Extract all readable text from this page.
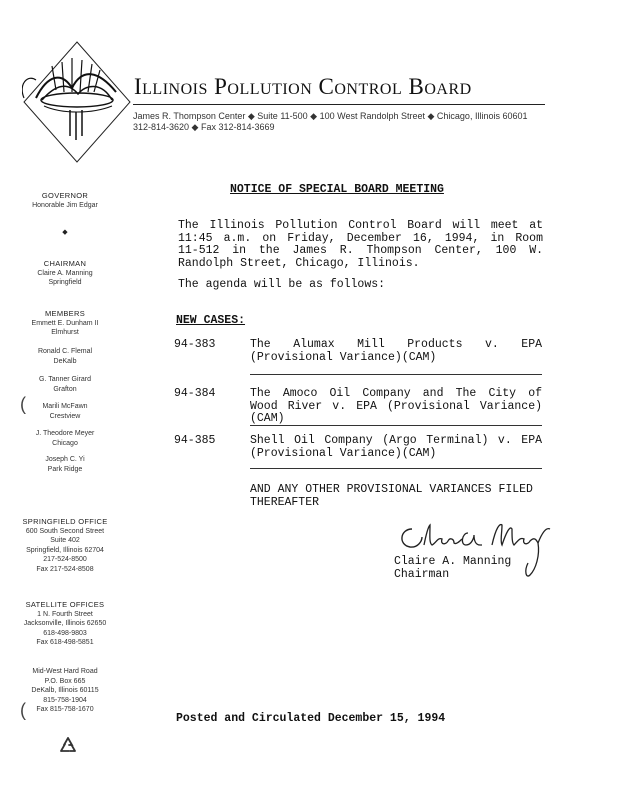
Illinois Pollution Control Board
James R. Thompson Center ◆ Suite 11-500 ◆ 100 West Randolph Street ◆ Chicago, Illinois 60601
312-814-3620 ◆ Fax 312-814-3669
GOVERNOR
Honorable Jim Edgar
◆
CHAIRMAN
Claire A. Manning
Springfield
MEMBERS
Emmett E. Dunham II
Elmhurst
Ronald C. Flemal
DeKalb
G. Tanner Girard
Grafton
(	Marili McFawn
Crestview
J. Theodore Meyer
Chicago
Joseph C. Yi
Park Ridge
SPRINGFIELD OFFICE
600 South Second Street
Suite 402
Springfield, Illinois 62704
217-524-8500
Fax 217-524-8508
SATELLITE OFFICES
1 N. Fourth Street
Jacksonville, Illinois 62650
618-498-9803
Fax 618-498-5851
Mid-West Hard Road
P.O. Box 665
DeKalb, Illinois 60115
815-758-1904
Fax 815-758-1670
(
NOTICE OF SPECIAL BOARD MEETING
The Illinois Pollution Control Board will meet at
11:45 a.m. on Friday, December 16, 1994, in Room
11-512 in the James R. Thompson Center, 100 W.
Randolph Street, Chicago, Illinois.
The agenda will be as follows:
NEW CASES:
94-383	The Alumax Mill Products v. EPA
(Provisional Variance)(CAM)
94-384	The Amoco Oil Company and The City of
Wood River v. EPA (Provisional Variance)
(CAM)
94-385	Shell Oil Company (Argo Terminal) v. EPA
(Provisional Variance)(CAM)
AND ANY OTHER PROVISIONAL VARIANCES FILED
THEREAFTER
Claire A. Manning
Chairman
Posted and Circulated December 15, 1994
